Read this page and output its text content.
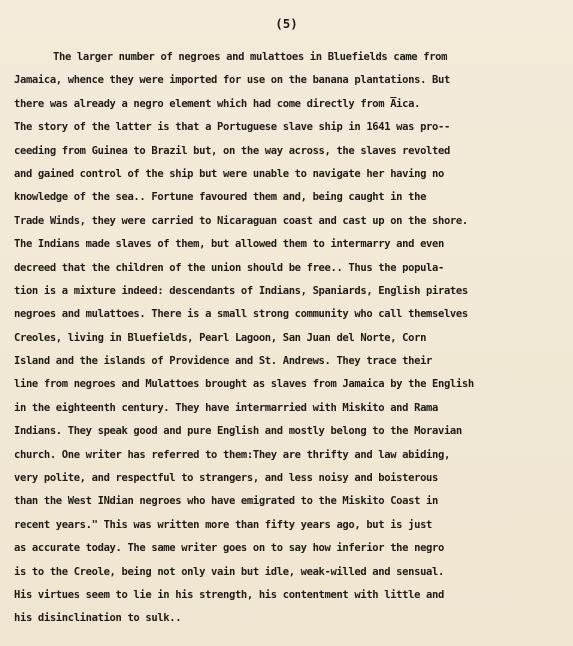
(5)
The larger number of negroes and mulattoes in Bluefields came from
Jamaica, whence they were imported for use on the banana plantations. But
there was already a negro element which had come directly from A̅ica.
The story of the latter is that a Portuguese slave ship in 1641 was pro--
ceeding from Guinea to Brazil but, on the way across, the slaves revolted
and gained control of the ship but were unable to navigate her having no
knowledge of the sea.. Fortune favoured them and, being caught in the
Trade Winds, they were carried to Nicaraguan coast and cast up on the shore.
The Indians made slaves of them, but allowed them to intermarry and even
decreed that the children of the union should be free.. Thus the popula-
tion is a mixture indeed: descendants of Indians, Spaniards, English pirates
negroes and mulattoes. There is a small strong community who call themselves
Creoles, living in Bluefields, Pearl Lagoon, San Juan del Norte, Corn
Island and the islands of Providence and St. Andrews. They trace their
line from negroes and Mulattoes brought as slaves from Jamaica by the English
in the eighteenth century. They have intermarried with Miskito and Rama
Indians. They speak good and pure English and mostly belong to the Moravian
church. One writer has referred to them:They are thrifty and law abiding,
very polite, and respectful to strangers, and less noisy and boisterous
than the West INdian negroes who have emigrated to the Miskito Coast in
recent years." This was written more than fifty years ago, but is just
as accurate today. The same writer goes on to say how inferior the negro
is to the Creole, being not only vain but idle, weak-willed and sensual.
His virtues seem to lie in his strength, his contentment with little and
his disinclination to sulk..
